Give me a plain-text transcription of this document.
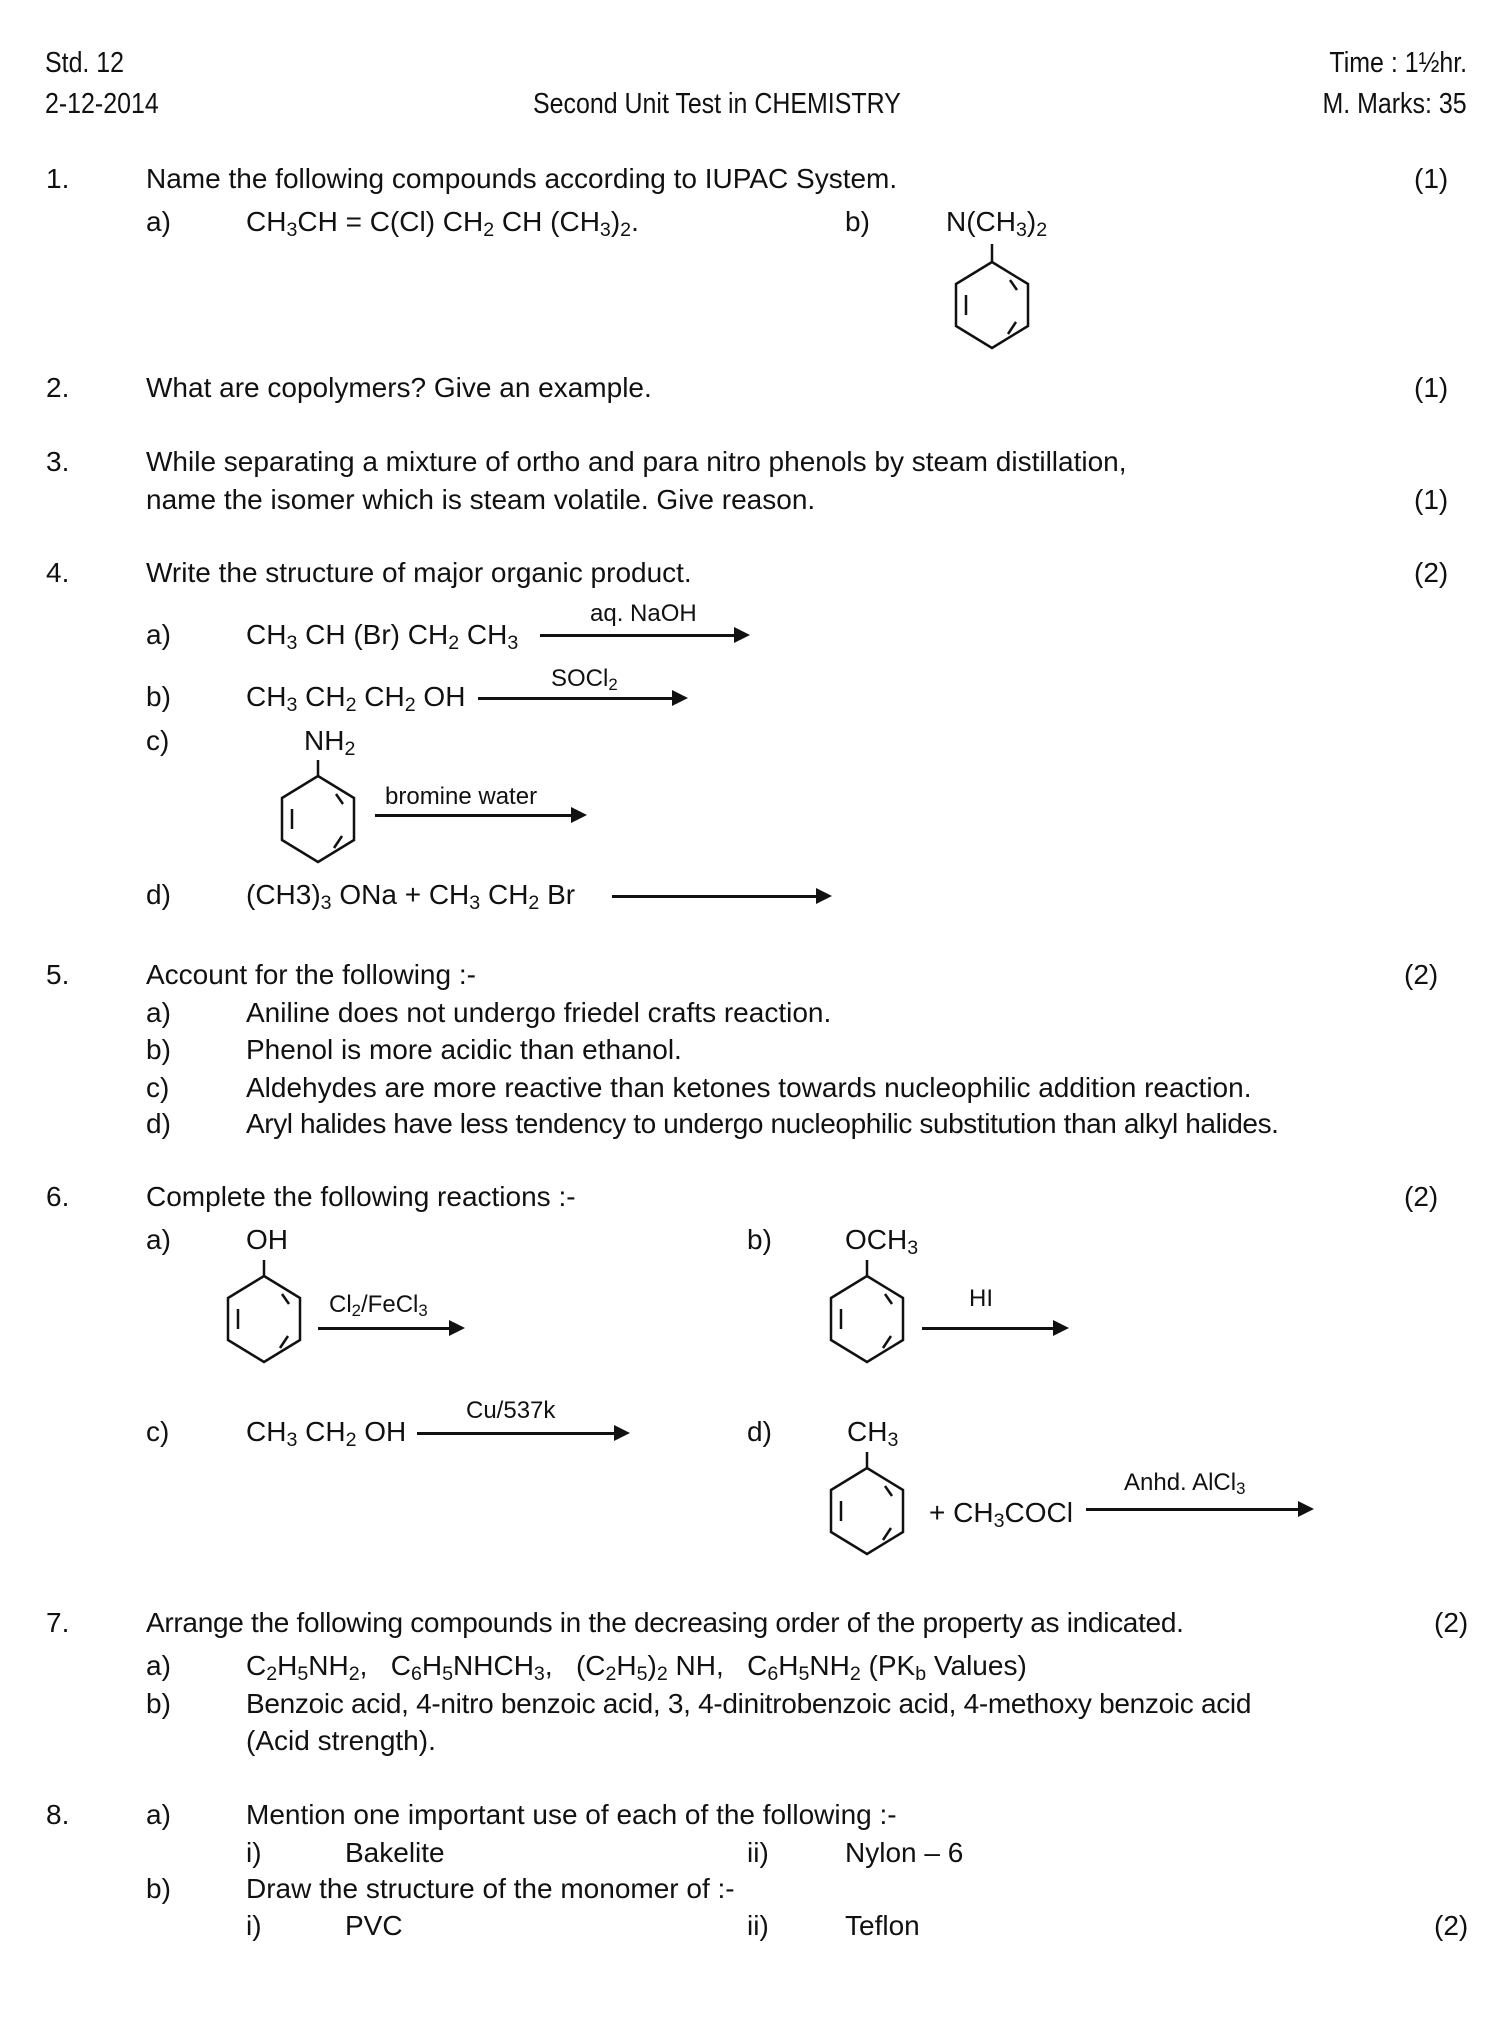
Std. 12
2-12-2014	Second Unit Test in CHEMISTRY
Time : 1½hr.
M. Marks: 35
1.	Name the following compounds according to IUPAC System.	(1)
a)	$CH_3CH = C(Cl)$ $CH_2$ CH $(CH_3)_2$.	b)	$N(CH_3)_2$
2.	What are copolymers? Give an example.	(1)
3.	While separating a mixture of ortho and para nitro phenols by steam distillation,
name the isomer which is steam volatile. Give reason.	(1)
4.	Write the structure of major organic product.	(2)
a)	$CH_3$ CH (Br) $CH_2$ $CH_3$
aq. NaOH
b)	$CH_3$ $CH_2$ $CH_2$ OH
SOCl$_2$
c)	$NH_2$
bromine water
d)	$(CH3)_3$ ONa + $CH_3$ $CH_2$ Br
5.	Account for the following :-	(2)
a)	Aniline does not undergo friedel crafts reaction.
b)	Phenol is more acidic than ethanol.
c)	Aldehydes are more reactive than ketones towards nucleophilic addition reaction.
d)	Aryl halides have less tendency to undergo nucleophilic substitution than alkyl halides.
6.	Complete the following reactions :-	(2)
a)	OH
$Cl_2/FeCl_3$
b)	$OCH_3$
HI
c)	$CH_3$ $CH_2$ OH
Cu/537k
d)	$CH_3$
+ $CH_3COCl$
Anhd. AlCl$_3$
7.	Arrange the following compounds in the decreasing order of the property as indicated.	(2)
a)	$C_2H_5NH_2$,   $C_6H_5NHCH_3$,   $(C_2H_5)_2$ NH,   $C_6H_5NH_2$ ($PK_b$ Values)
b)	Benzoic acid, 4-nitro benzoic acid, 3, 4-dinitrobenzoic acid, 4-methoxy benzoic acid
(Acid strength).
8.	a)	Mention one important use of each of the following :-
i)	Bakelite	ii)	Nylon – 6
b)	Draw the structure of the monomer of :-
i)	PVC	ii)	Teflon	(2)
